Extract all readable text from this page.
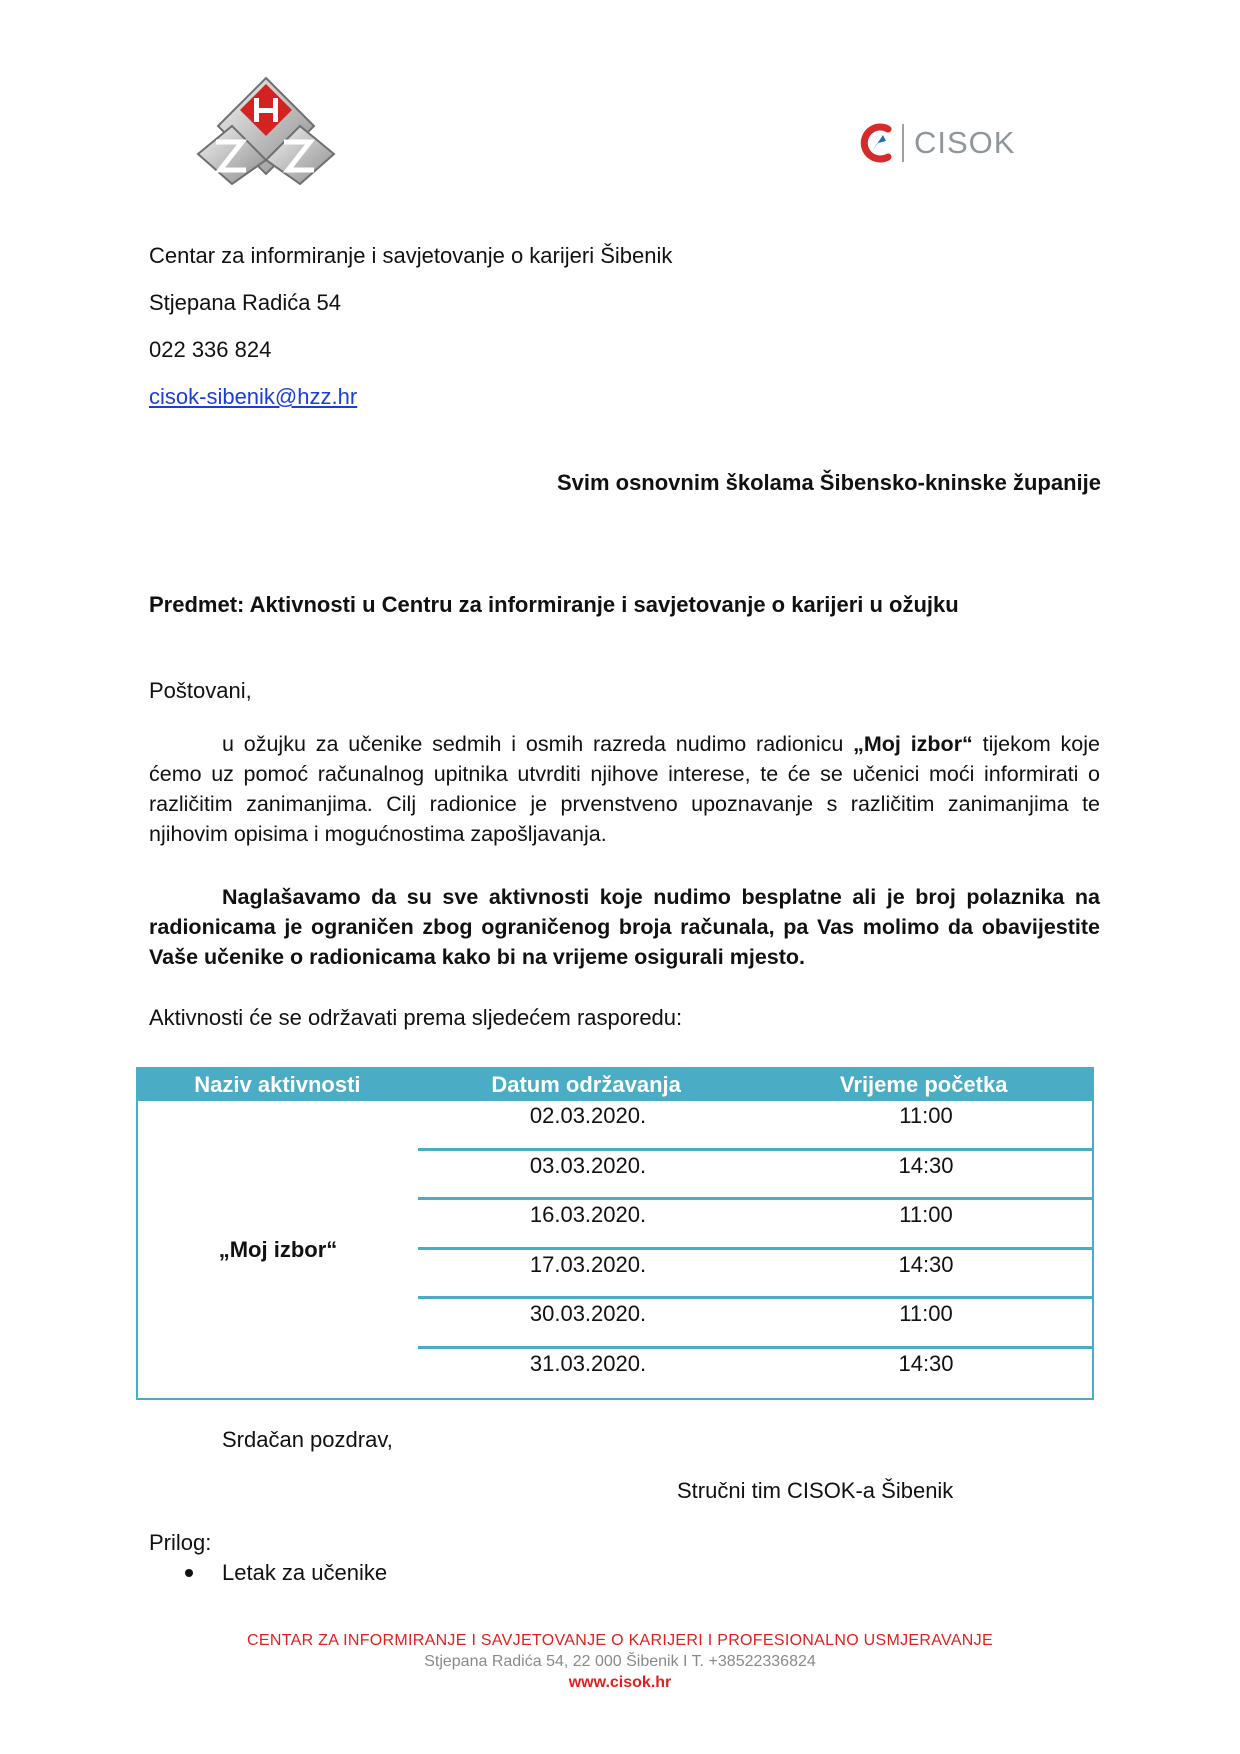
CISOK
Centar za informiranje i savjetovanje o karijeri Šibenik
Stjepana Radića 54
022 336 824
cisok-sibenik@hzz.hr
Svim osnovnim školama Šibensko-kninske županije
Predmet: Aktivnosti u Centru za informiranje i savjetovanje o karijeri u ožujku
Poštovani,
u ožujku za učenike sedmih i osmih razreda nudimo radionicu „Moj izbor“ tijekom koje ćemo uz pomoć računalnog upitnika utvrditi njihove interese, te će se učenici moći informirati o različitim zanimanjima. Cilj radionice je prvenstveno upoznavanje s različitim zanimanjima te njihovim opisima i mogućnostima zapošljavanja.
Naglašavamo da su sve aktivnosti koje nudimo besplatne ali je broj polaznika na radionicama je ograničen zbog ograničenog broja računala, pa Vas molimo da obavijestite Vaše učenike o radionicama kako bi na vrijeme osigurali mjesto.
Aktivnosti će se održavati prema sljedećem rasporedu:
Naziv aktivnosti	Datum održavanja	Vrijeme početka
„Moj izbor“
02.03.2020.	11:00
03.03.2020.	14:30
16.03.2020.	11:00
17.03.2020.	14:30
30.03.2020.	11:00
31.03.2020.	14:30
Srdačan pozdrav,
Stručni tim CISOK-a Šibenik
Prilog:
Letak za učenike
CENTAR ZA INFORMIRANJE I SAVJETOVANJE O KARIJERI I PROFESIONALNO USMJERAVANJE
Stjepana Radića 54, 22 000 Šibenik I T. +38522336824
www.cisok.hr
